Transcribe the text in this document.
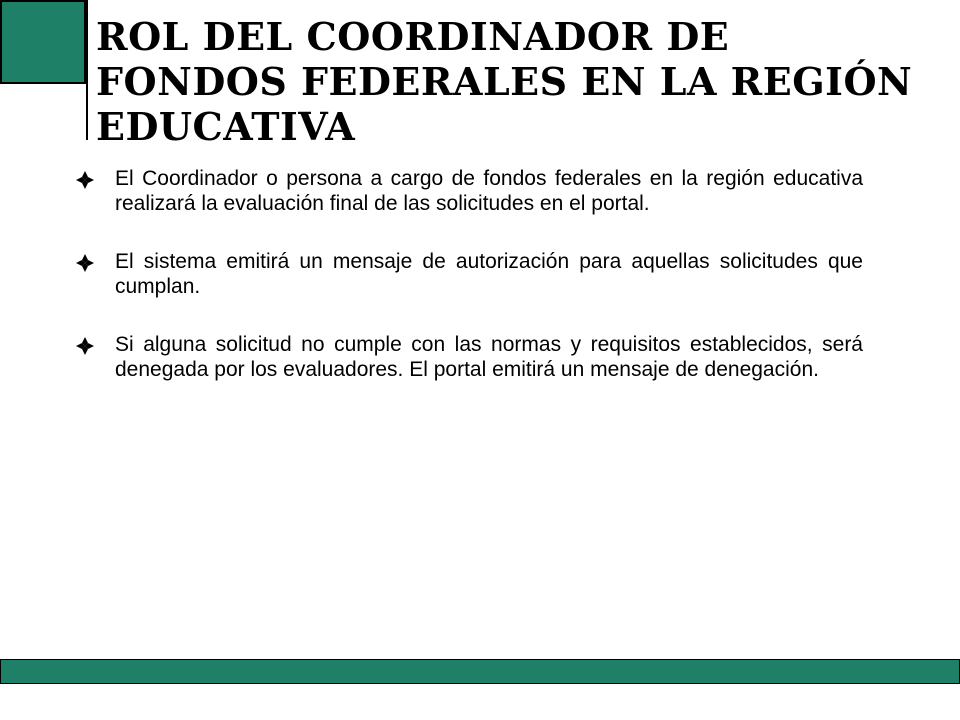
ROL DEL COORDINADOR DE FONDOS FEDERALES EN LA REGIÓN EDUCATIVA
El Coordinador o persona a cargo de fondos federales en la región educativa realizará la evaluación final de las solicitudes en el portal.
El sistema emitirá un mensaje de autorización para aquellas solicitudes que cumplan.
Si alguna solicitud no cumple con las normas y requisitos establecidos, será denegada por los evaluadores. El portal emitirá un mensaje de denegación.
